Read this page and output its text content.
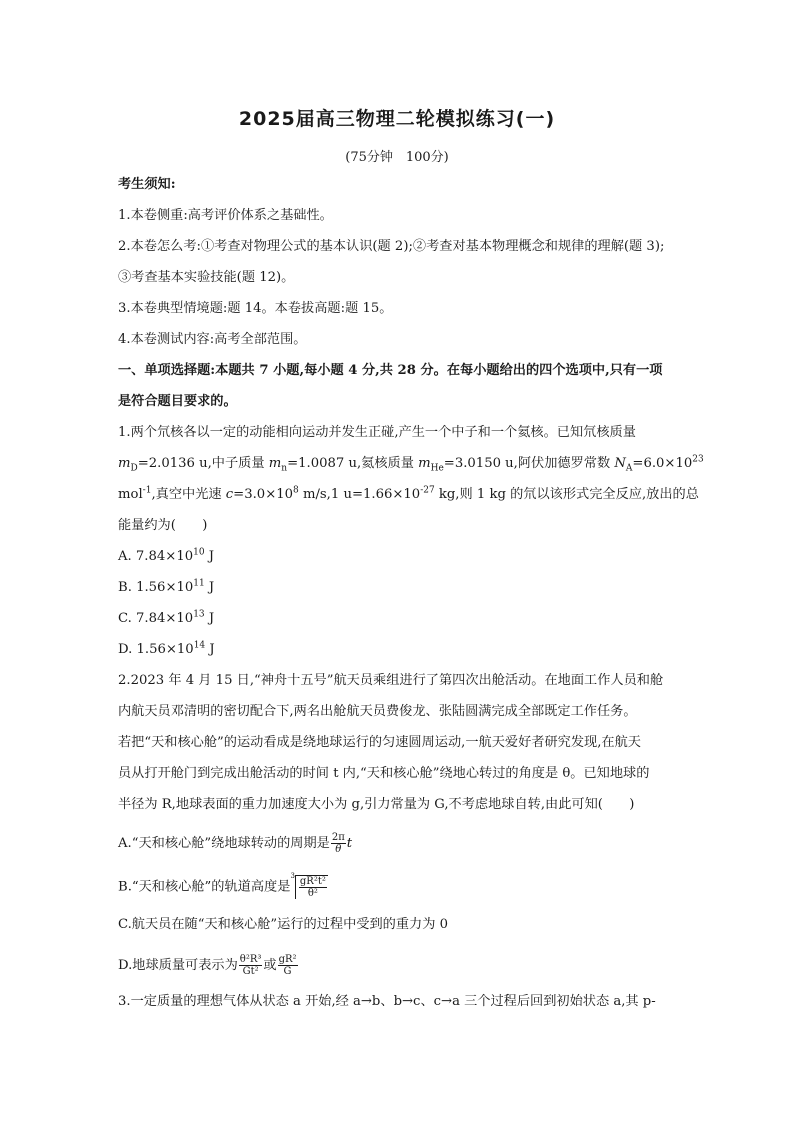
2025届高三物理二轮模拟练习(一)
(75分钟　100分)
考生须知:
1.本卷侧重:高考评价体系之基础性。
2.本卷怎么考:①考查对物理公式的基本认识(题 2);②考查对基本物理概念和规律的理解(题 3);
③考查基本实验技能(题 12)。
3.本卷典型情境题:题 14。本卷拔高题:题 15。
4.本卷测试内容:高考全部范围。
一、单项选择题:本题共 7 小题,每小题 4 分,共 28 分。在每小题给出的四个选项中,只有一项
是符合题目要求的。
1.两个氘核各以一定的动能相向运动并发生正碰,产生一个中子和一个氦核。已知氘核质量
$m_D=2.0136$ u,中子质量 $m_n=1.0087$ u,氦核质量 $m_{He}=3.0150$ u,阿伏加德罗常数 $N_A=6.0\times 10^{23}$
mol$^{-1}$,真空中光速 $c=3.0\times 10^8$ m/s,1 $u=1.66\times 10^{-27}$ kg,则 1 kg 的氘以该形式完全反应,放出的总
能量约为(　　)
A. $7.84\times 10^{10}$ J
B. $1.56\times 10^{11}$ J
C. $7.84\times 10^{13}$ J
D. $1.56\times 10^{14}$ J
2.2023 年 4 月 15 日,“神舟十五号”航天员乘组进行了第四次出舱活动。在地面工作人员和舱
内航天员邓清明的密切配合下,两名出舱航天员费俊龙、张陆圆满完成全部既定工作任务。
若把“天和核心舱”的运动看成是绕地球运行的匀速圆周运动,一航天爱好者研究发现,在航天
员从打开舱门到完成出舱活动的时间 t 内,“天和核心舱”绕地心转过的角度是 θ。已知地球的
半径为 R,地球表面的重力加速度大小为 g,引力常量为 G,不考虑地球自转,由此可知(　　)
A.“天和核心舱”绕地球转动的周期是 $\frac{2\pi}{\theta}$ t
B.“天和核心舱”的轨道高度是$^3 \frac{\text{gR²t²}}{\text{θ²}}$
C.航天员在随“天和核心舱”运行的过程中受到的重力为 0
D.地球质量可表示为 $\frac{\text{θ²R³}}{\text{Gt²}}$ 或 $\frac{\text{gR²}}{G}$
3.一定质量的理想气体从状态 a 开始,经 a→b、b→c、c→a 三个过程后回到初始状态 a,其 p-
